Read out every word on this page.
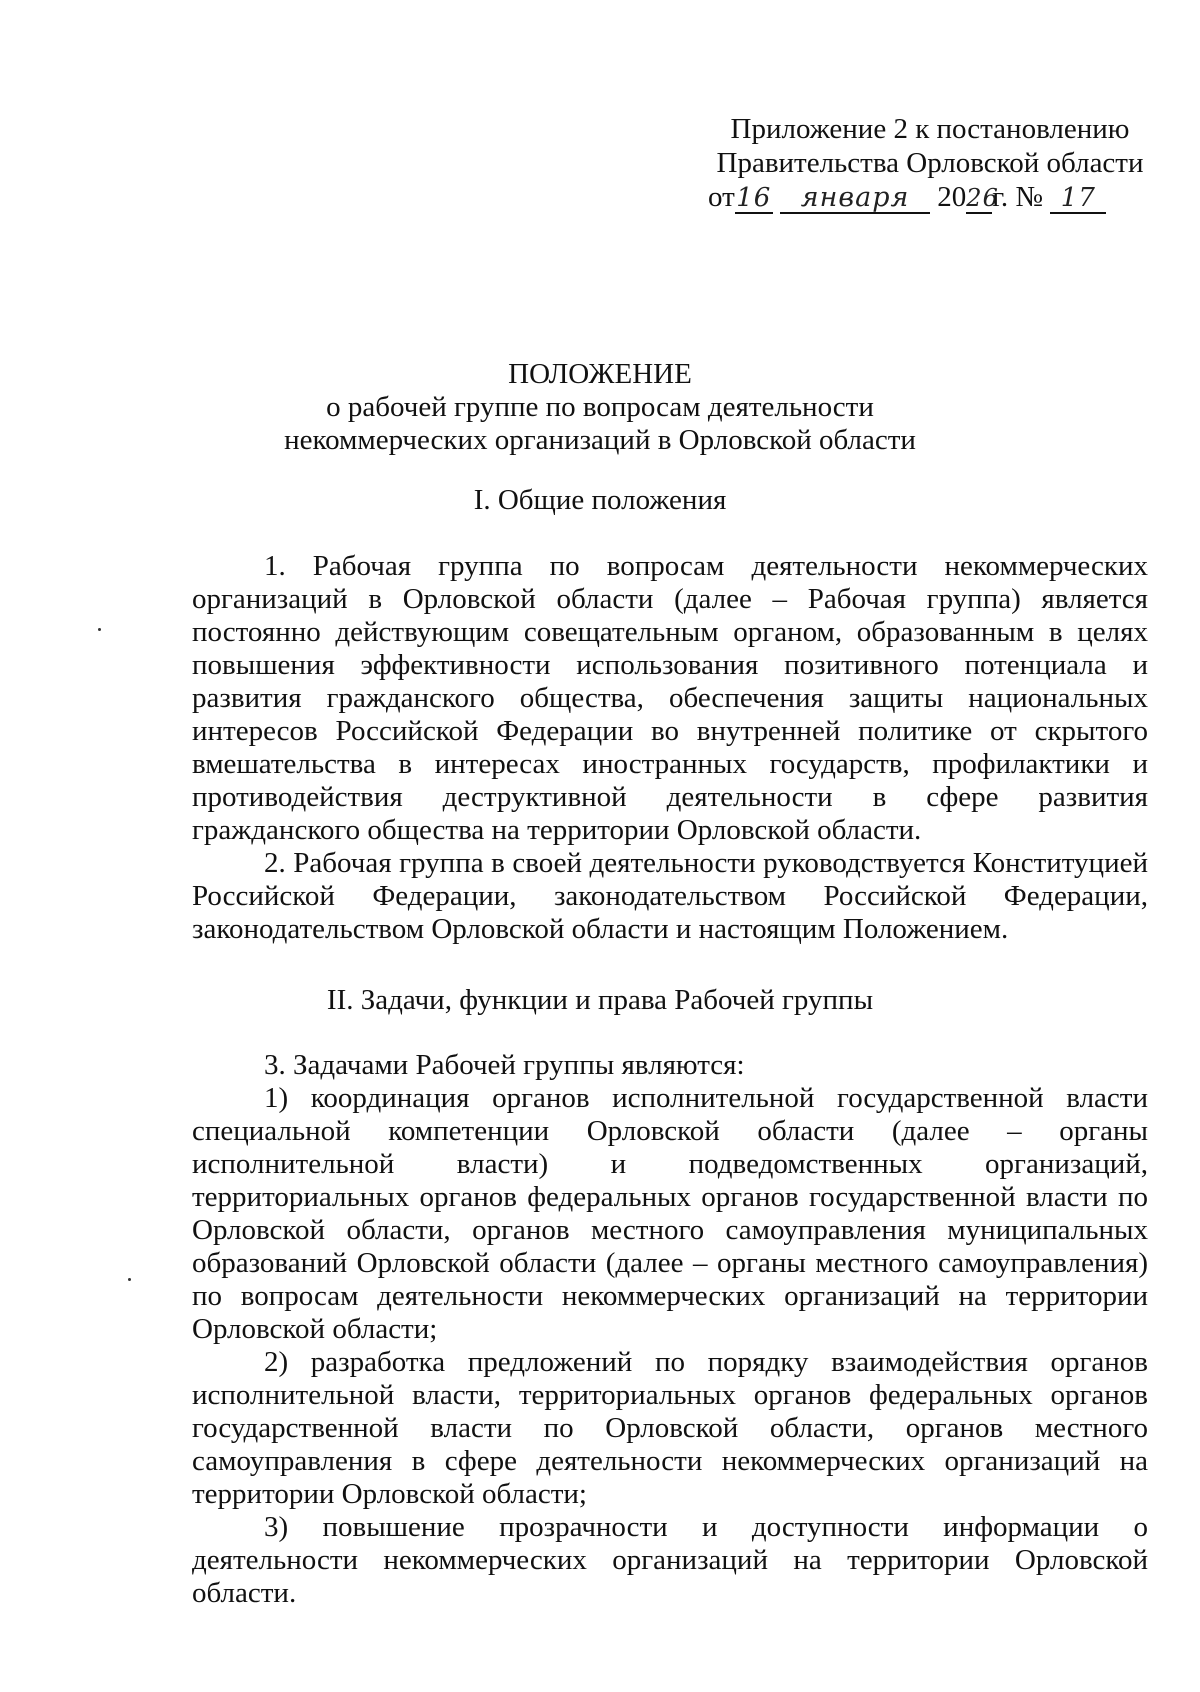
Приложение 2 к постановлению
Правительства Орловской области
от16 января 2026г. № 17
ПОЛОЖЕНИЕ
о рабочей группе по вопросам деятельности
некоммерческих организаций в Орловской области
I. Общие положения

1. Рабочая группа по вопросам деятельности некоммерческих организаций в Орловской области (далее – Рабочая группа) является постоянно действующим совещательным органом, образованным в целях повышения эффективности использования позитивного потенциала и развития гражданского общества, обеспечения защиты национальных интересов Российской Федерации во внутренней политике от скрытого вмешательства в интересах иностранных государств, профилактики и противодействия деструктивной деятельности в сфере развития гражданского общества на территории Орловской области.

2. Рабочая группа в своей деятельности руководствуется Конституцией Российской Федерации, законодательством Российской Федерации, законодательством Орловской области и настоящим Положением.

II. Задачи, функции и права Рабочей группы

3. Задачами Рабочей группы являются:

1) координация органов исполнительной государственной власти специальной компетенции Орловской области (далее – органы исполнительной власти) и подведомственных организаций, территориальных органов федеральных органов государственной власти по Орловской области, органов местного самоуправления муниципальных образований Орловской области (далее – органы местного самоуправления) по вопросам деятельности некоммерческих организаций на территории Орловской области;

2) разработка предложений по порядку взаимодействия органов исполнительной власти, территориальных органов федеральных органов государственной власти по Орловской области, органов местного самоуправления в сфере деятельности некоммерческих организаций на территории Орловской области;

3) повышение прозрачности и доступности информации о деятельности некоммерческих организаций на территории Орловской области.
